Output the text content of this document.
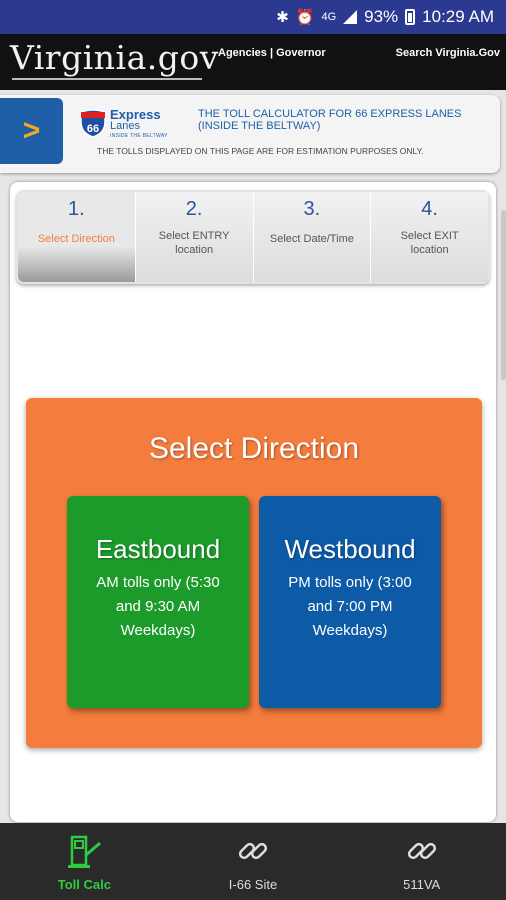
✱ ⏰ 4G 93% 10:29 AM
Virginia.gov Agencies | Governor	Search Virginia.Gov
>	66
Express
Lanes
INSIDE THE BELTWAY
THE TOLL CALCULATOR FOR 66 EXPRESS LANES (INSIDE THE BELTWAY)
THE TOLLS DISPLAYED ON THIS PAGE ARE FOR ESTIMATION PURPOSES ONLY.
1.
Select Direction
2.
Select ENTRY location
3.
Select Date/Time
4.
Select EXIT location
Select Direction
Eastbound
AM tolls only (5:30 and 9:30 AM Weekdays)
Westbound
PM tolls only (3:00 and 7:00 PM Weekdays)
Toll Calc	I-66 Site	511VA
